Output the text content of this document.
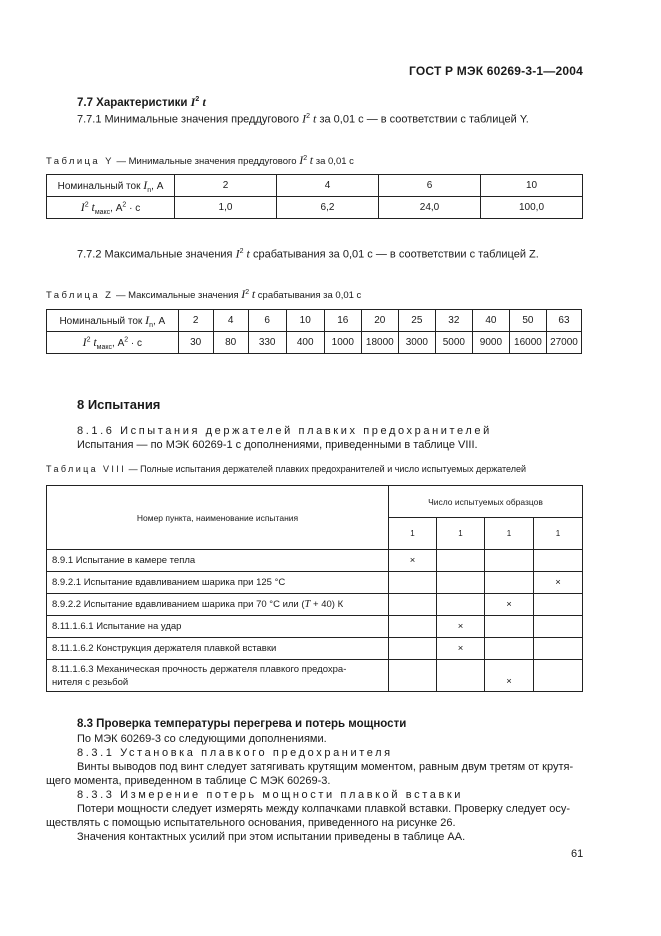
ГОСТ Р МЭК 60269-3-1—2004
7.7 Характеристики $I^2$ t
7.7.1 Минимальные значения преддугового $I^2$ t за 0,01 с — в соответствии с таблицей Y.
Таблица Y — Минимальные значения преддугового $I^2$ t за 0,01 с
Номинальный ток $I_n$, А	2	4	6	10
$I^2$ $t_{макс}$, $А^2 \cdot с$	1,0	6,2	24,0	100,0
7.7.2 Максимальные значения $I^2$ t срабатывания за 0,01 с — в соответствии с таблицей Z.
Таблица Z — Максимальные значения $I^2$ t срабатывания за 0,01 с
Номинальный ток $I_n$, А	2	4	6	10	16	20	25	32	40	50	63
$I^2$ $t_{макс}$, $А^2 \cdot с$	30	80	330	400	1000	18000	3000	5000	9000	16000	27000
8 Испытания
8.1.6 Испытания держателей плавких предохранителей
Испытания — по МЭК 60269-1 с дополнениями, приведенными в таблице VIII.
Таблица VIII — Полные испытания держателей плавких предохранителей и число испытуемых держателей
Номер пункта, наименование испытания	Число испытуемых образцов			
	1	1	1	1
8.9.1 Испытание в камере тепла	×			
8.9.2.1 Испытание вдавливанием шарика при 125 °С				×
8.9.2.2 Испытание вдавливанием шарика при 70 °С или (T + 40) К			×	
8.11.1.6.1 Испытание на удар		×		
8.11.1.6.2 Конструкция держателя плавкой вставки		×		

8.11.1.6.3 Механическая прочность держателя плавкого предохра-
нителя с резьбой			×	
8.3 Проверка температуры перегрева и потерь мощности
По МЭК 60269-3 со следующими дополнениями.
8.3.1 Установка плавкого предохранителя
Винты выводов под винт следует затягивать крутящим моментом, равным двум третям от крутя-
щего момента, приведенном в таблице С МЭК 60269-3.
8.3.3 Измерение потерь мощности плавкой вставки
Потери мощности следует измерять между колпачками плавкой вставки. Проверку следует осу-
ществлять с помощью испытательного основания, приведенного на рисунке 26.
Значения контактных усилий при этом испытании приведены в таблице АА.
61
